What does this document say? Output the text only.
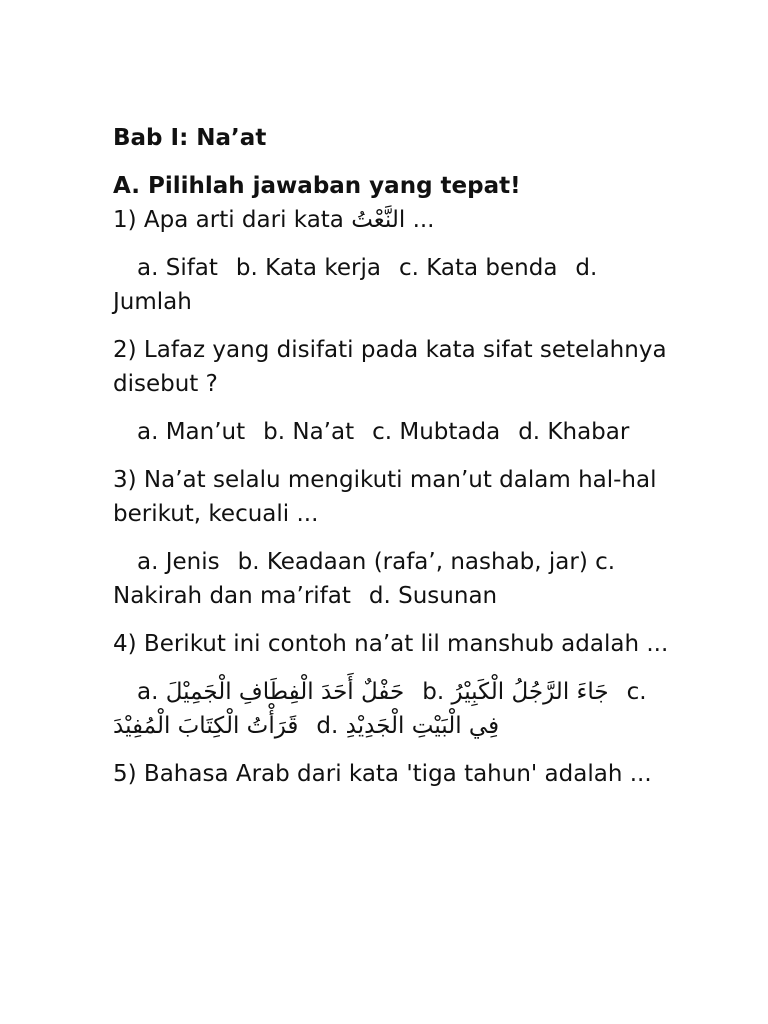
Bab I: Na’at

A. Pilihlah jawaban yang tepat!

1) Apa arti dari kata النَّعْتُ ...

a. Sifat b. Kata kerja c. Kata benda d. Jumlah

2) Lafaz yang disifati pada kata sifat setelahnya disebut ?

a. Man’ut b. Na’at c. Mubtada d. Khabar

3) Na’at selalu mengikuti man’ut dalam hal-hal berikut, kecuali ...

a. Jenis b. Keadaan (rafa’, nashab, jar) c. Nakirah dan ma’rifat d. Susunan

4) Berikut ini contoh na’at lil manshub adalah ...

a. حَفْلٌ أَحَدَ الْفِطَافِ الْجَمِيْلَ b. جَاءَ الرَّجُلُ الْكَبِيْرُ c. قَرَأْتُ الْكِتَابَ الْمُفِيْدَ d. فِي الْبَيْتِ الْجَدِيْدِ

5) Bahasa Arab dari kata 'tiga tahun' adalah ...
